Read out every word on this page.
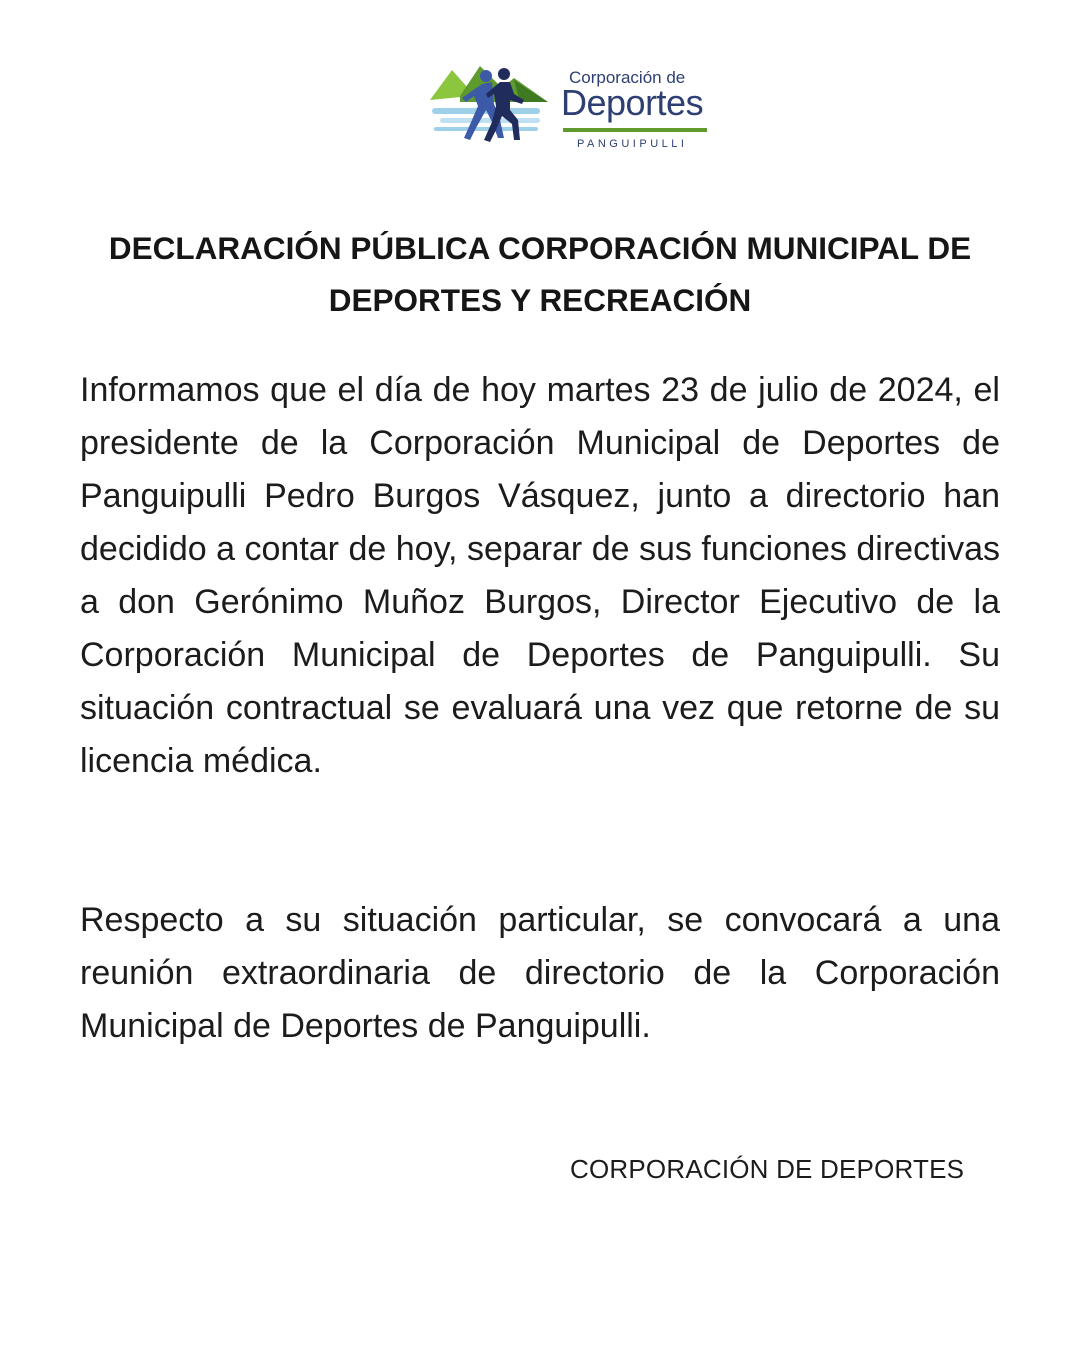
Corporación de
Deportes
PANGUIPULLI
DECLARACIÓN PÚBLICA CORPORACIÓN MUNICIPAL DE DEPORTES Y RECREACIÓN

Informamos que el día de hoy martes 23 de julio de 2024, el presidente de la Corporación Municipal de Deportes de Panguipulli Pedro Burgos Vásquez, junto a directorio han decidido a contar de hoy, separar de sus funciones directivas a don Gerónimo Muñoz Burgos, Director Ejecutivo de la Corporación Municipal de Deportes de Panguipulli. Su situación contractual se evaluará una vez que retorne de su licencia médica.

Respecto a su situación particular, se convocará a una reunión extraordinaria de directorio de la Corporación Municipal de Deportes de Panguipulli.

CORPORACIÓN DE DEPORTES
